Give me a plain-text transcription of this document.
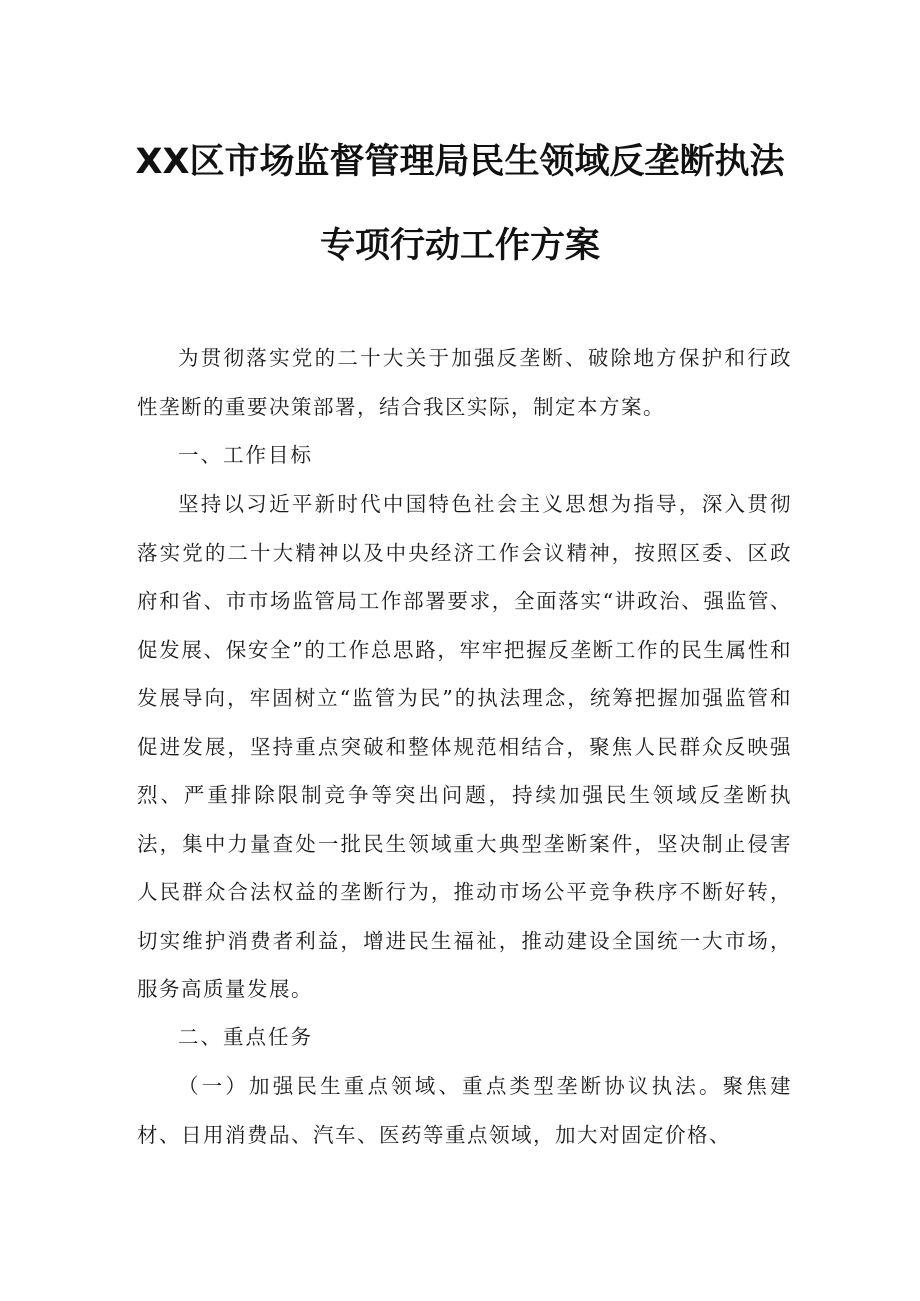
XX区市场监督管理局民生领域反垄断执法
专项行动工作方案

为贯彻落实党的二十大关于加强反垄断、破除地方保护和行政性垄断的重要决策部署，结合我区实际，制定本方案。

一、工作目标

坚持以习近平新时代中国特色社会主义思想为指导，深入贯彻落实党的二十大精神以及中央经济工作会议精神，按照区委、区政府和省、市市场监管局工作部署要求，全面落实“讲政治、强监管、促发展、保安全”的工作总思路，牢牢把握反垄断工作的民生属性和发展导向，牢固树立“监管为民”的执法理念，统筹把握加强监管和促进发展，坚持重点突破和整体规范相结合，聚焦人民群众反映强烈、严重排除限制竞争等突出问题，持续加强民生领域反垄断执法，集中力量查处一批民生领域重大典型垄断案件，坚决制止侵害人民群众合法权益的垄断行为，推动市场公平竞争秩序不断好转，切实维护消费者利益，增进民生福祉，推动建设全国统一大市场，服务高质量发展。

二、重点任务

（一）加强民生重点领域、重点类型垄断协议执法。聚焦建材、日用消费品、汽车、医药等重点领域，加大对固定价格、
